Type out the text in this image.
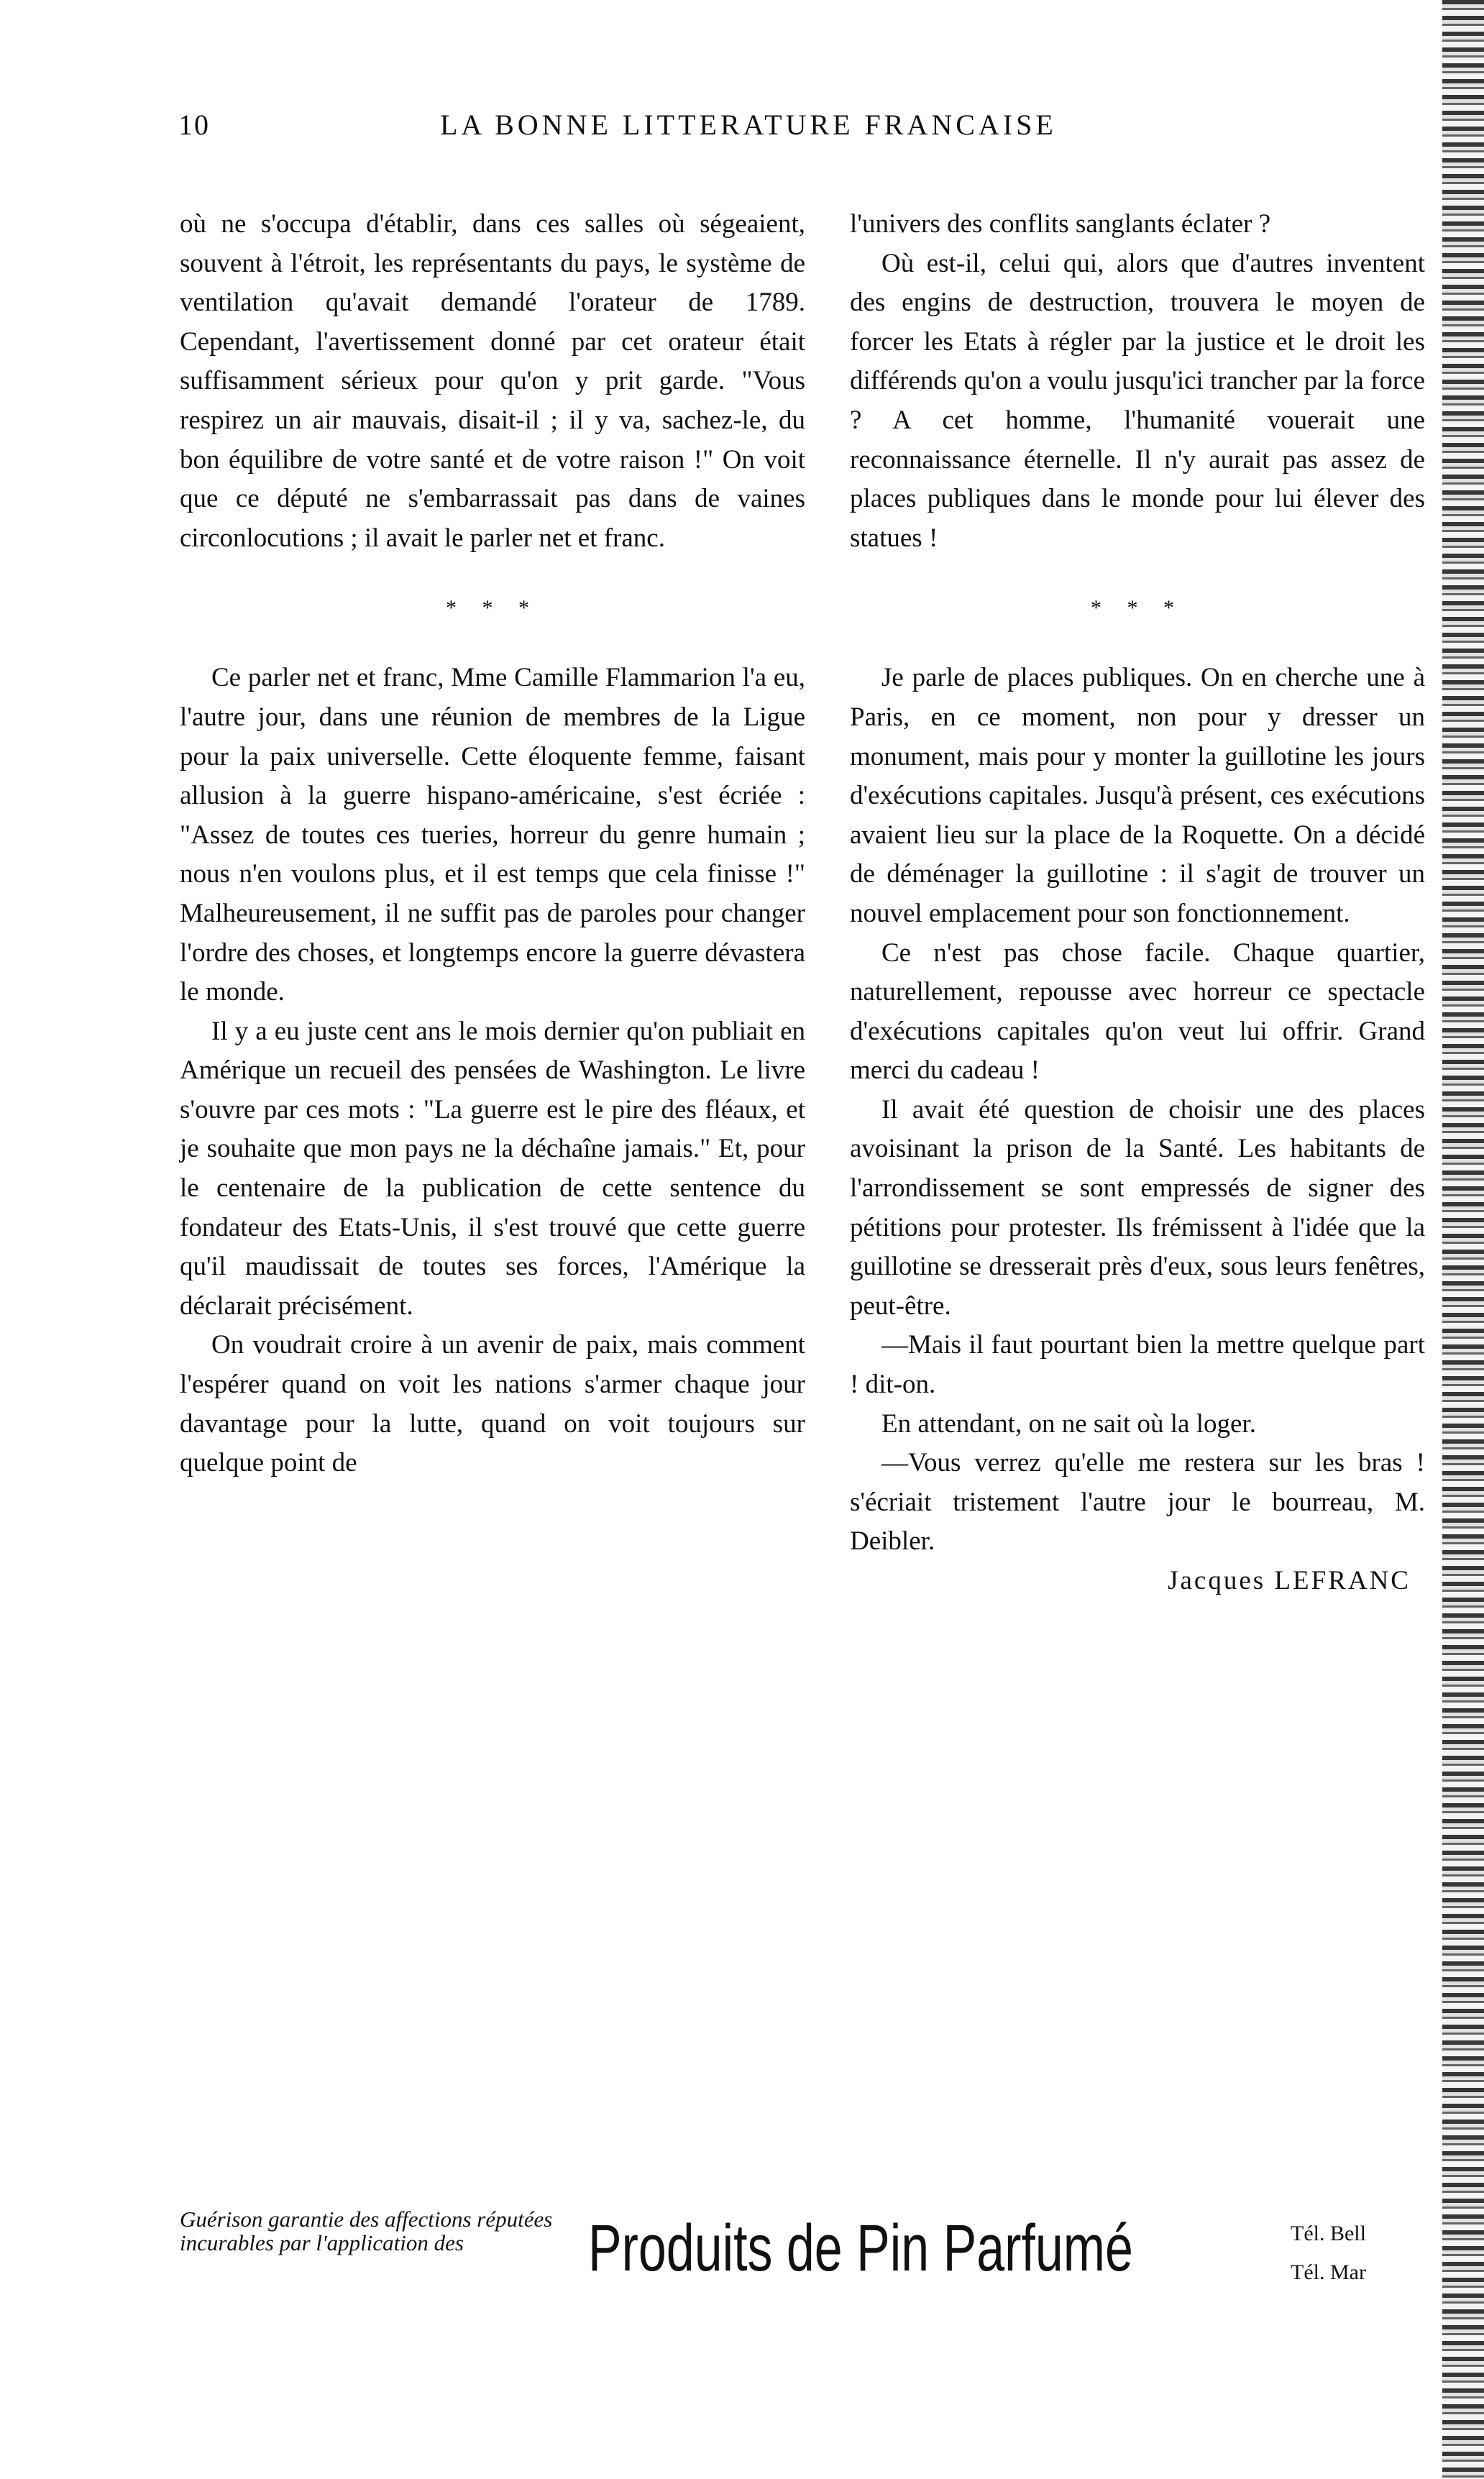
10	LA BONNE LITTERATURE FRANCAISE

où ne s'occupa d'établir, dans ces salles où ségeaient, souvent à l'étroit, les représentants du pays, le système de ventilation qu'avait demandé l'orateur de 1789. Cependant, l'avertissement donné par cet orateur était suffisamment sérieux pour qu'on y prit garde. "Vous respirez un air mauvais, disait-il ; il y va, sachez-le, du bon équilibre de votre santé et de votre raison !" On voit que ce député ne s'embarrassait pas dans de vaines circonlocutions ; il avait le parler net et franc.

* * *

Ce parler net et franc, Mme Camille Flammarion l'a eu, l'autre jour, dans une réunion de membres de la Ligue pour la paix universelle. Cette éloquente femme, faisant allusion à la guerre hispano-américaine, s'est écriée : "Assez de toutes ces tueries, horreur du genre humain ; nous n'en voulons plus, et il est temps que cela finisse !" Malheureusement, il ne suffit pas de paroles pour changer l'ordre des choses, et longtemps encore la guerre dévastera le monde.

Il y a eu juste cent ans le mois dernier qu'on publiait en Amérique un recueil des pensées de Washington. Le livre s'ouvre par ces mots : "La guerre est le pire des fléaux, et je souhaite que mon pays ne la déchaîne jamais." Et, pour le centenaire de la publication de cette sentence du fondateur des Etats-Unis, il s'est trouvé que cette guerre qu'il maudissait de toutes ses forces, l'Amérique la déclarait précisément.

On voudrait croire à un avenir de paix, mais comment l'espérer quand on voit les nations s'armer chaque jour davantage pour la lutte, quand on voit toujours sur quelque point de

l'univers des conflits sanglants éclater ?

Où est-il, celui qui, alors que d'autres inventent des engins de destruction, trouvera le moyen de forcer les Etats à régler par la justice et le droit les différends qu'on a voulu jusqu'ici trancher par la force ? A cet homme, l'humanité vouerait une reconnaissance éternelle. Il n'y aurait pas assez de places publiques dans le monde pour lui élever des statues !

* * *

Je parle de places publiques. On en cherche une à Paris, en ce moment, non pour y dresser un monument, mais pour y monter la guillotine les jours d'exécutions capitales. Jusqu'à présent, ces exécutions avaient lieu sur la place de la Roquette. On a décidé de déménager la guillotine : il s'agit de trouver un nouvel emplacement pour son fonctionnement.

Ce n'est pas chose facile. Chaque quartier, naturellement, repousse avec horreur ce spectacle d'exécutions capitales qu'on veut lui offrir. Grand merci du cadeau !

Il avait été question de choisir une des places avoisinant la prison de la Santé. Les habitants de l'arrondissement se sont empressés de signer des pétitions pour protester. Ils frémissent à l'idée que la guillotine se dresserait près d'eux, sous leurs fenêtres, peut-être.

—Mais il faut pourtant bien la mettre quelque part ! dit-on.

En attendant, on ne sait où la loger.

—Vous verrez qu'elle me restera sur les bras ! s'écriait tristement l'autre jour le bourreau, M. Deibler.

Jacques LEFRANC

Guérison garantie des affections réputées incurables par l'application des	Produits de Pin Parfumé	Tél. Bell
Tél. Mar
